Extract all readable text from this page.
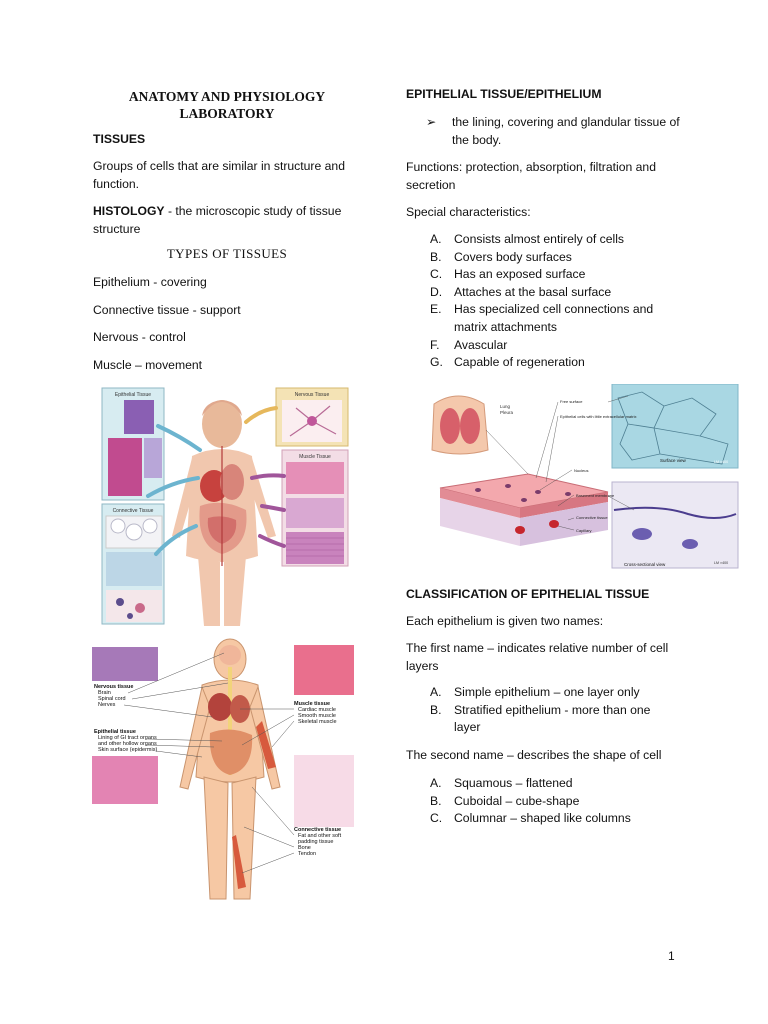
ANATOMY AND PHYSIOLOGY
LABORATORY

TISSUES

Groups of cells that are similar in structure and function.

HISTOLOGY - the microscopic study of tissue structure

TYPES OF TISSUES

Epithelium - covering

Connective tissue - support

Nervous - control

Muscle – movement

Epithelial Tissue
Connective Tissue
Nervous Tissue
Muscle Tissue
Nervous tissue
Brain
Spinal cord
Nerves
Epithelial tissue
Lining of GI tract organs
and other hollow organs
Skin surface (epidermis)
Muscle tissue
Cardiac muscle
Smooth muscle
Skeletal muscle
Connective tissue
Fat and other soft
padding tissue
Bone
Tendon

EPITHELIAL TISSUE/EPITHELIUM

➢	the lining, covering and glandular tissue of the body.

Functions: protection, absorption, filtration and secretion

Special characteristics:

A.	Consists almost entirely of cells
B.	Covers body surfaces
C. Has an exposed surface
D. Attaches at the basal surface
E.	Has specialized cell connections and matrix attachments
F.	Avascular
G. Capable of regeneration
Lung
Pleura
LM ×400
LM ×400
Surface view
Cross-sectional view
Free surface
Epithelial cells with little extracellular matrix
Nucleus
Basement membrane
Connective tissue
Capillary

CLASSIFICATION OF EPITHELIAL TISSUE

Each epithelium is given two names:

The first name – indicates relative number of cell layers

A.	Simple epithelium – one layer only
B.	Stratified epithelium - more than one layer

The second name – describes the shape of cell

A.	Squamous – flattened
B.	Cuboidal – cube-shape
C. Columnar – shaped like columns
1
